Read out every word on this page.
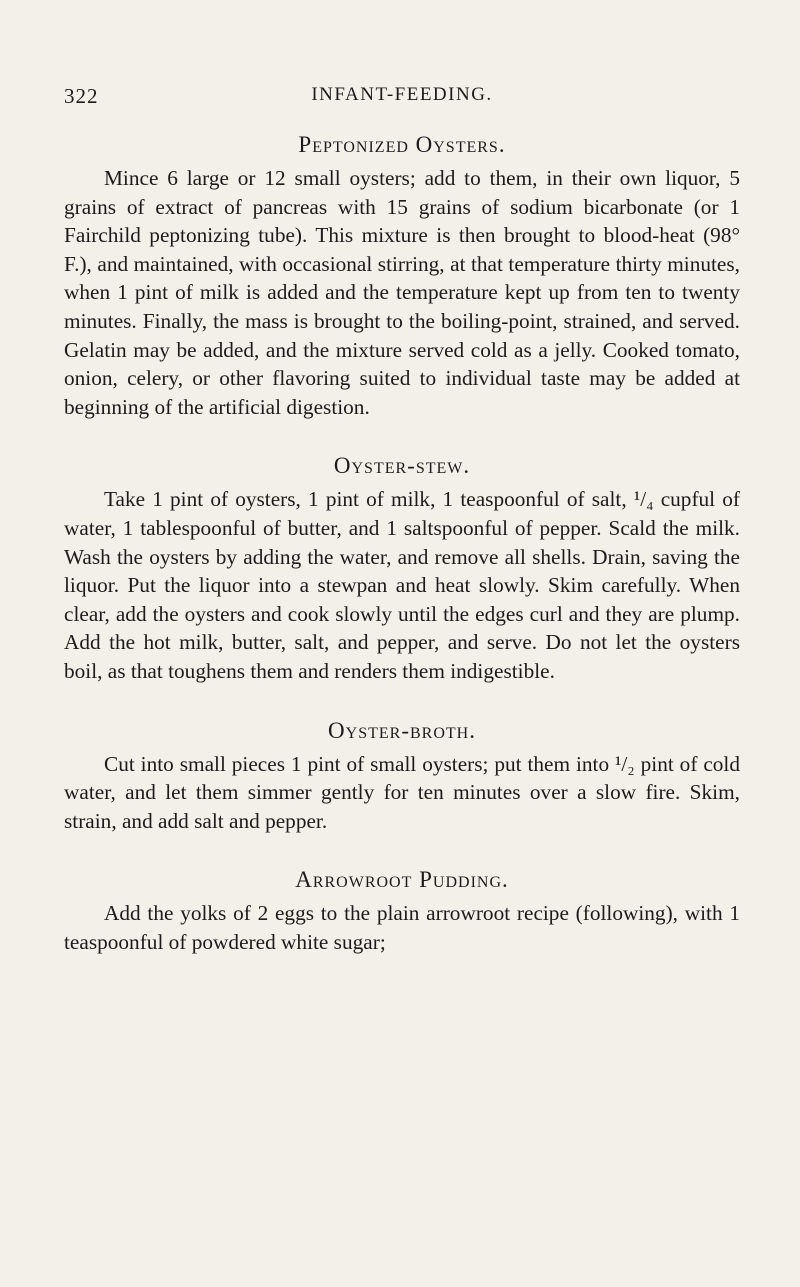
322	INFANT-FEEDING.
Peptonized Oysters.

Mince 6 large or 12 small oysters; add to them, in their own liquor, 5 grains of extract of pancreas with 15 grains of sodium bicarbonate (or 1 Fairchild peptonizing tube). This mixture is then brought to blood-heat (98° F.), and maintained, with occasional stirring, at that temperature thirty minutes, when 1 pint of milk is added and the temperature kept up from ten to twenty minutes. Finally, the mass is brought to the boiling-point, strained, and served. Gelatin may be added, and the mixture served cold as a jelly. Cooked tomato, onion, celery, or other flavoring suited to individual taste may be added at beginning of the artificial digestion.

Oyster-stew.

Take 1 pint of oysters, 1 pint of milk, 1 teaspoonful of salt, ¹/₄ cupful of water, 1 tablespoonful of butter, and 1 saltspoonful of pepper. Scald the milk. Wash the oysters by adding the water, and remove all shells. Drain, saving the liquor. Put the liquor into a stewpan and heat slowly. Skim carefully. When clear, add the oysters and cook slowly until the edges curl and they are plump. Add the hot milk, butter, salt, and pepper, and serve. Do not let the oysters boil, as that toughens them and renders them indigestible.

Oyster-broth.

Cut into small pieces 1 pint of small oysters; put them into ¹/₂ pint of cold water, and let them simmer gently for ten minutes over a slow fire. Skim, strain, and add salt and pepper.

Arrowroot Pudding.

Add the yolks of 2 eggs to the plain arrowroot recipe (following), with 1 teaspoonful of powdered white sugar;
